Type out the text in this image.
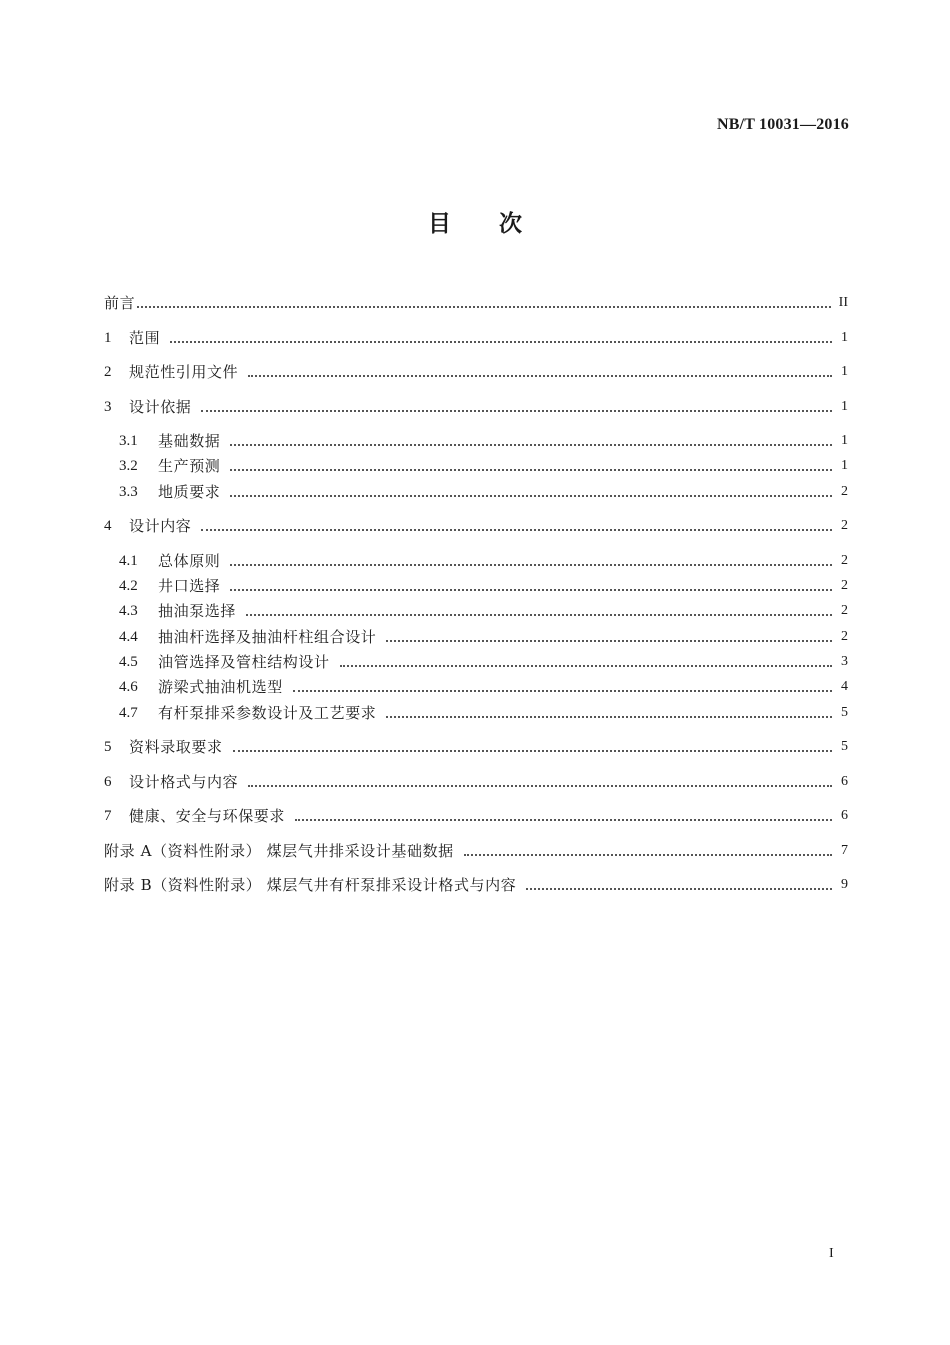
NB/T 10031—2016
目次
前言	II
1	范围	1
2	规范性引用文件	1
3	设计依据	1
3.1	基础数据	1
3.2	生产预测	1
3.3	地质要求	2
4	设计内容	2
4.1	总体原则	2
4.2	井口选择	2
4.3	抽油泵选择	2
4.4	抽油杆选择及抽油杆柱组合设计	2
4.5	油管选择及管柱结构设计	3
4.6	游梁式抽油机选型	4
4.7	有杆泵排采参数设计及工艺要求	5
5	资料录取要求	5
6	设计格式与内容	6
7	健康、安全与环保要求	6
附录 A（资料性附录） 煤层气井排采设计基础数据	7
附录 B（资料性附录） 煤层气井有杆泵排采设计格式与内容	9
I
